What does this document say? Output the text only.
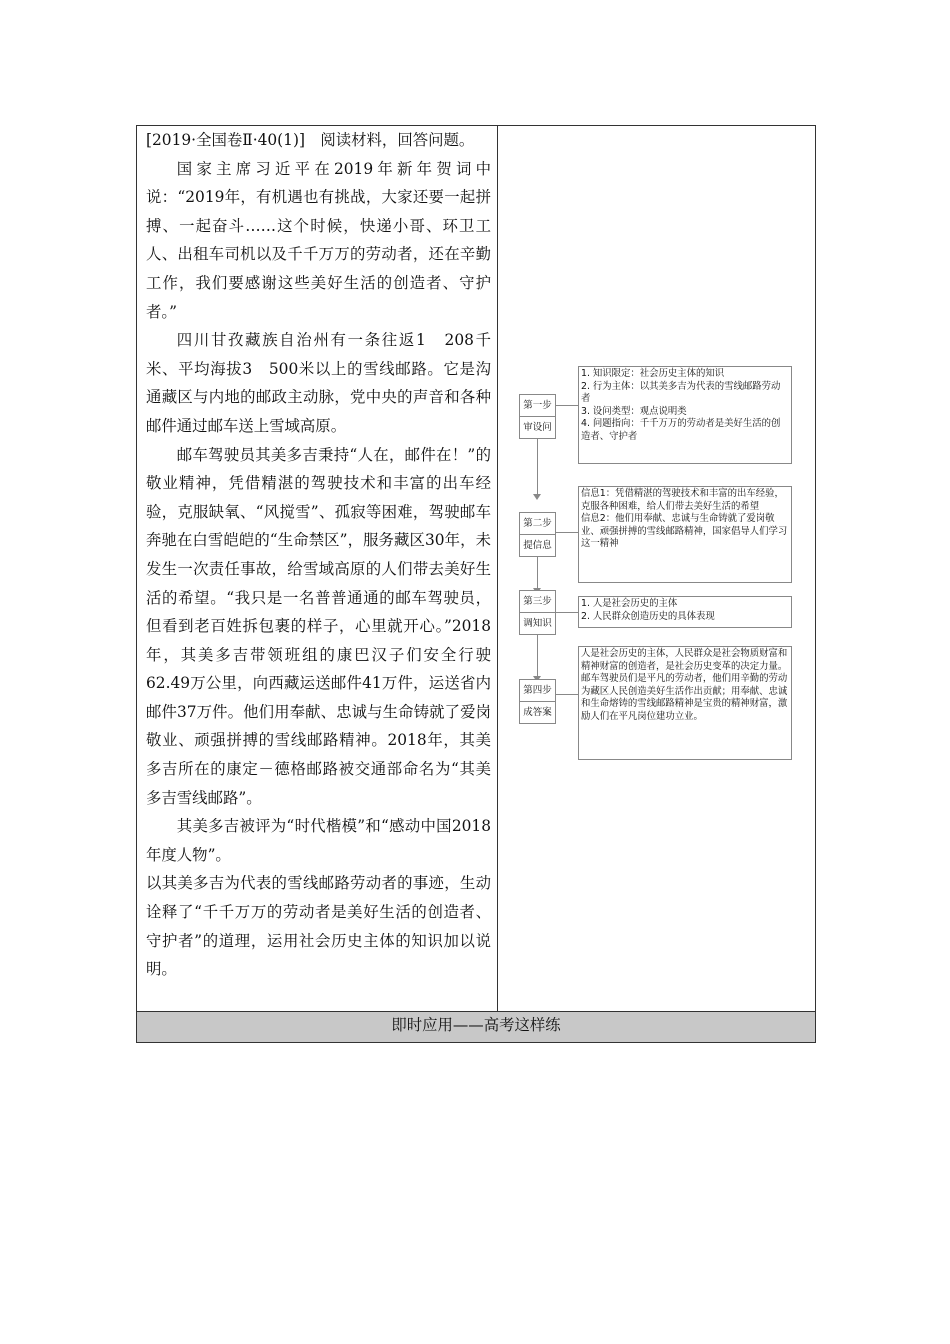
[2019·全国卷Ⅱ·40(1)]　阅读材料，回答问题。

国家主席习近平在2019年新年贺词中说：“2019年，有机遇也有挑战，大家还要一起拼搏、一起奋斗……这个时候，快递小哥、环卫工人、出租车司机以及千千万万的劳动者，还在辛勤工作，我们要感谢这些美好生活的创造者、守护者。”

四川甘孜藏族自治州有一条往返1　208千米、平均海拔3　500米以上的雪线邮路。它是沟通藏区与内地的邮政主动脉，党中央的声音和各种邮件通过邮车送上雪域高原。

邮车驾驶员其美多吉秉持“人在，邮件在！”的敬业精神，凭借精湛的驾驶技术和丰富的出车经验，克服缺氧、“风搅雪”、孤寂等困难，驾驶邮车奔驰在白雪皑皑的“生命禁区”，服务藏区30年，未发生一次责任事故，给雪域高原的人们带去美好生活的希望。“我只是一名普普通通的邮车驾驶员，但看到老百姓拆包裹的样子，心里就开心。”2018年，其美多吉带领班组的康巴汉子们安全行驶62.49万公里，向西藏运送邮件41万件，运送省内邮件37万件。他们用奉献、忠诚与生命铸就了爱岗敬业、顽强拼搏的雪线邮路精神。2018年，其美多吉所在的康定－德格邮路被交通部命名为“其美多吉雪线邮路”。

其美多吉被评为“时代楷模”和“感动中国2018年度人物”。

以其美多吉为代表的雪线邮路劳动者的事迹，生动诠释了“千千万万的劳动者是美好生活的创造者、守护者”的道理，运用社会历史主体的知识加以说明。

第一步
审设问
1. 知识限定：社会历史主体的知识
2. 行为主体：以其美多吉为代表的雪线邮路劳动者
3. 设问类型：观点说明类
4. 问题指向：千千万万的劳动者是美好生活的创造者、守护者
第二步
提信息
信息1：凭借精湛的驾驶技术和丰富的出车经验，克服各种困难，给人们带去美好生活的希望
信息2：他们用奉献、忠诚与生命铸就了爱岗敬业、顽强拼搏的雪线邮路精神，国家倡导人们学习这一精神
第三步
调知识
1. 人是社会历史的主体
2. 人民群众创造历史的具体表现
第四步
成答案
人是社会历史的主体，人民群众是社会物质财富和精神财富的创造者，是社会历史变革的决定力量。邮车驾驶员们是平凡的劳动者，他们用辛勤的劳动为藏区人民创造美好生活作出贡献；用奉献、忠诚和生命熔铸的雪线邮路精神是宝贵的精神财富，激励人们在平凡岗位建功立业。

即时应用——高考这样练
